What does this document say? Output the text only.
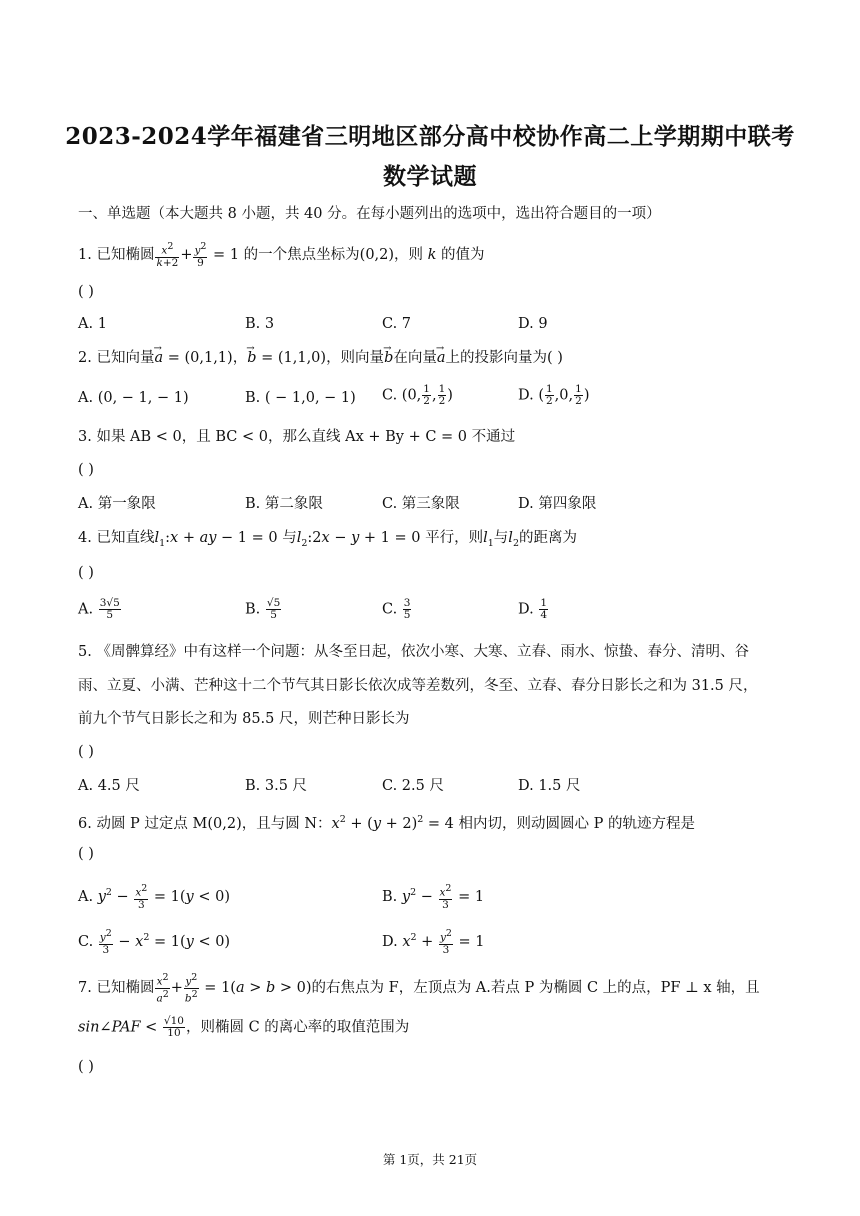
2023-2024学年福建省三明地区部分高中校协作高二上学期期中联考
数学试题
一、单选题（本大题共 8 小题，共 40 分。在每小题列出的选项中，选出符合题目的一项）
1. 已知椭圆 $\frac{x^2}{k+2} + \frac{y^2}{9} = 1$ 的一个焦点坐标为(0,2)，则 k 的值为
( )
A. 1	B. 3	C. 7	D. 9
2. 已知向量→ a = (0,1,1)，→ b = (1,1,0)，则向量→ b在向量→ a上的投影向量为( )
A. (0, − 1, − 1)	B. ( − 1,0, − 1) C. (0, $\frac{1}{2}$ , $\frac{1}{2}$ )	D. ( $\frac{1}{2} ,0$, $\frac{1}{2}$ )
3. 如果 AB < 0，且 BC < 0，那么直线 Ax + By + C = 0 不通过
( )
A. 第一象限	B. 第二象限	C. 第三象限	D. 第四象限
4. 已知直线$l_1:x$ + ay − 1 = 0 与$l_2:2x - y + 1 = 0$ 平行，则$l_1$与$l_2$的距离为
( )
A. $\frac{3√5}{5}$	B. $\frac{√5}{5}$	C. $\frac{3}{5}$	D. $\frac{1}{4}$
5. 《周髀算经》中有这样一个问题：从冬至日起，依次小寒、大寒、立春、雨水、惊蛰、春分、清明、谷
雨、立夏、小满、芒种这十二个节气其日影长依次成等差数列，冬至、立春、春分日影长之和为 31.5 尺，
前九个节气日影长之和为 85.5 尺，则芒种日影长为
( )
A. 4.5 尺	B. 3.5 尺	C. 2.5 尺	D. 1.5 尺
6. 动圆 P 过定点 M(0,2)，且与圆 N：$x^2 + (y + 2)^2 = 4$ 相内切，则动圆圆心 P 的轨迹方程是
( )
A. $y^2 - \frac{x^2}{3} = 1(y < 0)$	B. $y^2 - \frac{x^2}{3} = 1$
C. $\frac{y^2}{3} - x^2 = 1(y < 0)$	D. $x^2 + \frac{y^2}{3} = 1$
7. 已知椭圆 $\frac{x^2}{a^2} + \frac{y^2}{b^2} = 1(a > b > 0)$的右焦点为 F，左顶点为 A.若点 P 为椭圆 C 上的点，PF ⊥ x 轴，且
sin∠PAF < $\frac{√10}{10}$ ，则椭圆 C 的离心率的取值范围为
( )
第 1页，共 21页
